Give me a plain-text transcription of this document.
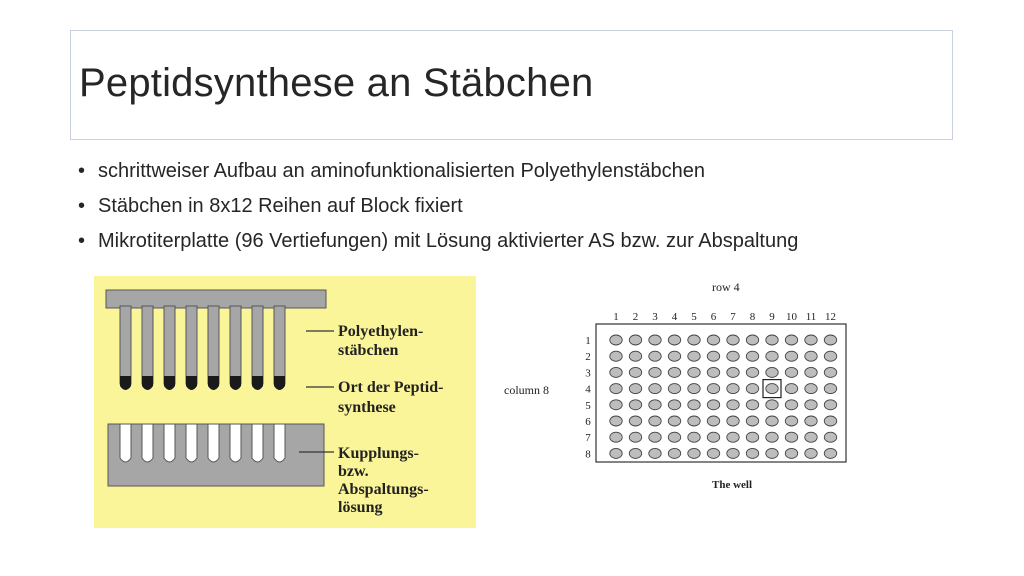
Peptidsynthese an Stäbchen
• schrittweiser Aufbau an aminofunktionalisierten Polyethylenstäbchen
• Stäbchen in 8x12 Reihen auf Block fixiert
• Mikrotiterplatte (96 Vertiefungen) mit Lösung aktivierter AS bzw. zur Abspaltung
Polyethylen-
stäbchen
Ort der Peptid-
synthese
Kupplungs-
bzw.
Abspaltungs-
lösung
row 4
column 8
1 2 3 4 5 6 7 8 9 10 11 12
1
2
3
4
5
6
7
8
The well
